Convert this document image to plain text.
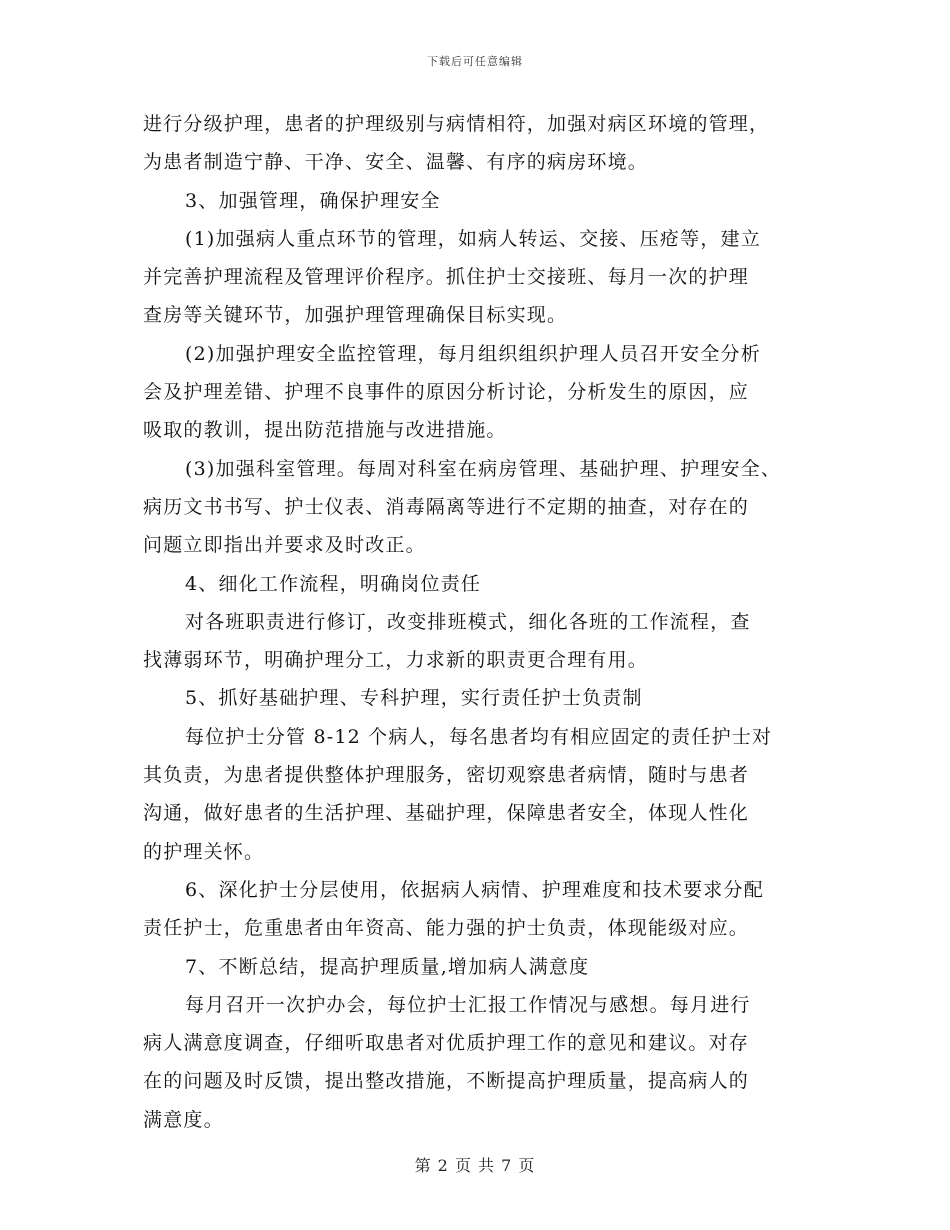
下载后可任意编辑
进行分级护理，患者的护理级别与病情相符，加强对病区环境的管理，
为患者制造宁静、干净、安全、温馨、有序的病房环境。
3、加强管理，确保护理安全
(1)加强病人重点环节的管理，如病人转运、交接、压疮等，建立
并完善护理流程及管理评价程序。抓住护士交接班、每月一次的护理
查房等关键环节，加强护理管理确保目标实现。
(2)加强护理安全监控管理，每月组织组织护理人员召开安全分析
会及护理差错、护理不良事件的原因分析讨论，分析发生的原因，应
吸取的教训，提出防范措施与改进措施。
(3)加强科室管理。每周对科室在病房管理、基础护理、护理安全、
病历文书书写、护士仪表、消毒隔离等进行不定期的抽查，对存在的
问题立即指出并要求及时改正。
4、细化工作流程，明确岗位责任
对各班职责进行修订，改变排班模式，细化各班的工作流程，查
找薄弱环节，明确护理分工，力求新的职责更合理有用。
5、抓好基础护理、专科护理，实行责任护士负责制
每位护士分管 8-12 个病人，每名患者均有相应固定的责任护士对
其负责，为患者提供整体护理服务，密切观察患者病情，随时与患者
沟通，做好患者的生活护理、基础护理，保障患者安全，体现人性化
的护理关怀。
6、深化护士分层使用，依据病人病情、护理难度和技术要求分配
责任护士，危重患者由年资高、能力强的护士负责，体现能级对应。
7、不断总结，提高护理质量,增加病人满意度
每月召开一次护办会，每位护士汇报工作情况与感想。每月进行
病人满意度调查，仔细听取患者对优质护理工作的意见和建议。对存
在的问题及时反馈，提出整改措施，不断提高护理质量，提高病人的
满意度。
第 2 页 共 7 页
